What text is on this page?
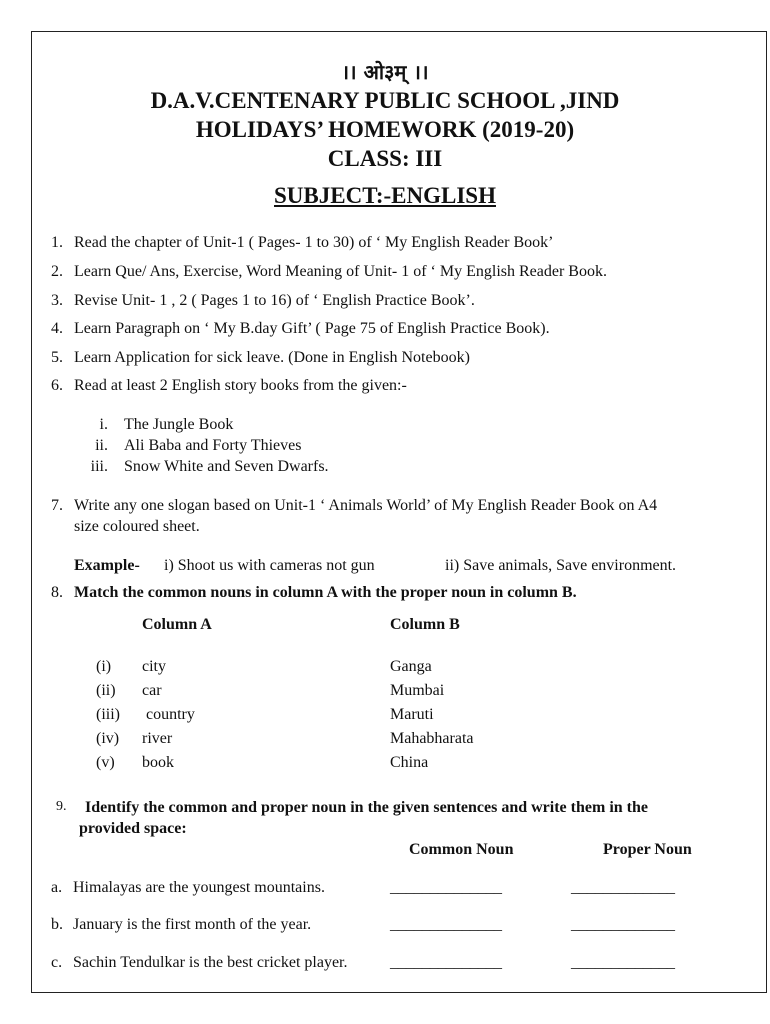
।। ओ३म् ।।
D.A.V.CENTENARY PUBLIC SCHOOL ,JIND
HOLIDAYS’ HOMEWORK (2019-20)
CLASS: III
SUBJECT:-ENGLISH
1. Read the chapter of Unit-1 ( Pages- 1 to 30) of ‘ My English Reader Book’
2. Learn Que/ Ans, Exercise, Word Meaning of Unit- 1 of ‘ My English Reader Book.
3. Revise Unit- 1 , 2 ( Pages 1 to 16) of ‘ English Practice Book’.
4. Learn Paragraph on ‘ My B.day Gift’ ( Page 75 of English Practice Book).
5. Learn Application for sick leave. (Done in English Notebook)
6. Read at least 2 English story books from the given:-
i. The Jungle Book
ii. Ali Baba and Forty Thieves
iii. Snow White and Seven Dwarfs.
7. Write any one slogan based on Unit-1 ‘ Animals World’ of My English Reader Book on A4
size coloured sheet.
Example- i) Shoot us with cameras not gun	ii) Save animals, Save environment.
8. Match the common nouns in column A with the proper noun in column B.
Column A	Column B
(i) city	Ganga
(ii) car	Mumbai
(iii) country	Maruti
(iv) river	Mahabharata
(v) book	China
9. Identify the common and proper noun in the given sentences and write them in the
provided space:
Common Noun	Proper Noun
a. Himalayas are the youngest mountains.	______________	_____________
b. January is the first month of the year.	______________	_____________
c. Sachin Tendulkar is the best cricket player.	______________	_____________
